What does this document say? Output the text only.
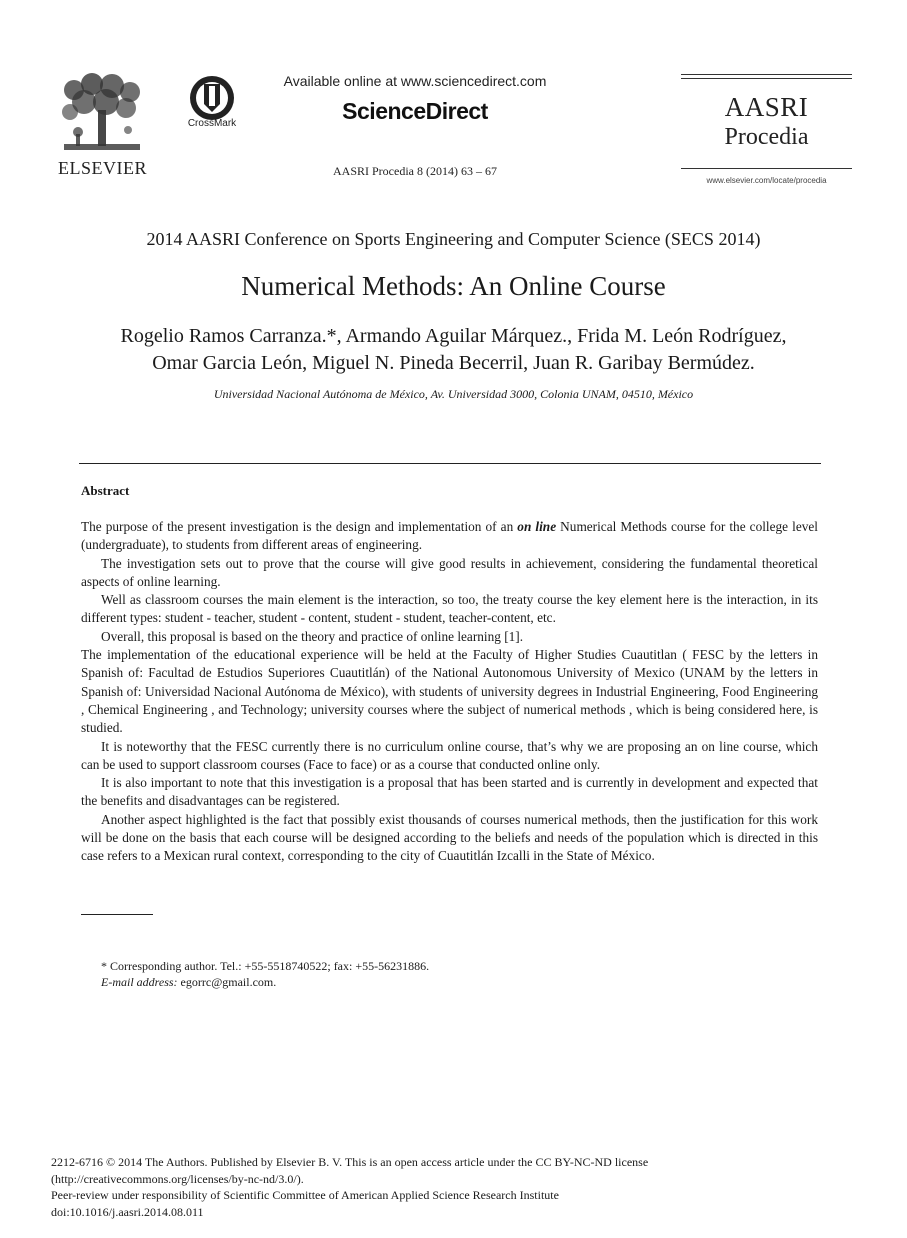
ELSEVIER
CrossMark
Available online at www.sciencedirect.com
ScienceDirect
AASRI Procedia 8 (2014) 63 – 67
AASRI
Procedia
www.elsevier.com/locate/procedia
2014 AASRI Conference on Sports Engineering and Computer Science (SECS 2014)
Numerical Methods: An Online Course
Rogelio Ramos Carranza.*, Armando Aguilar Márquez., Frida M. León Rodríguez,
Omar Garcia León, Miguel N. Pineda Becerril, Juan R. Garibay Bermúdez.
Universidad Nacional Autónoma de México, Av. Universidad 3000, Colonia UNAM, 04510, México
Abstract

The purpose of the present investigation is the design and implementation of an on line Numerical Methods course for the college level (undergraduate), to students from different areas of engineering.

The investigation sets out to prove that the course will give good results in achievement, considering the fundamental theoretical aspects of online learning.

Well as classroom courses the main element is the interaction, so too, the treaty course the key element here is the interaction, in its different types: student - teacher, student - content, student - student, teacher-content, etc.

Overall, this proposal is based on the theory and practice of online learning [1].

The implementation of the educational experience will be held at the Faculty of Higher Studies Cuautitlan ( FESC by the letters in Spanish of: Facultad de Estudios Superiores Cuautitlán) of the National Autonomous University of Mexico (UNAM by the letters in Spanish of: Universidad Nacional Autónoma de México), with students of university degrees in Industrial Engineering, Food Engineering , Chemical Engineering , and Technology; university courses where the subject of numerical methods , which is being considered here, is studied.

It is noteworthy that the FESC currently there is no curriculum online course, that’s why we are proposing an on line course, which can be used to support classroom courses (Face to face) or as a course that conducted online only.

It is also important to note that this investigation is a proposal that has been started and is currently in development and expected that the benefits and disadvantages can be registered.

Another aspect highlighted is the fact that possibly exist thousands of courses numerical methods, then the justification for this work will be done on the basis that each course will be designed according to the beliefs and needs of the population which is directed in this case refers to a Mexican rural context, corresponding to the city of Cuautitlán Izcalli in the State of México.

* Corresponding author. Tel.: +55-5518740522; fax: +55-56231886.
E-mail address: egorrc@gmail.com.
2212-6716 © 2014 The Authors. Published by Elsevier B. V. This is an open access article under the CC BY-NC-ND license
(http://creativecommons.org/licenses/by-nc-nd/3.0/).
Peer-review under responsibility of Scientific Committee of American Applied Science Research Institute
doi:10.1016/j.aasri.2014.08.011
